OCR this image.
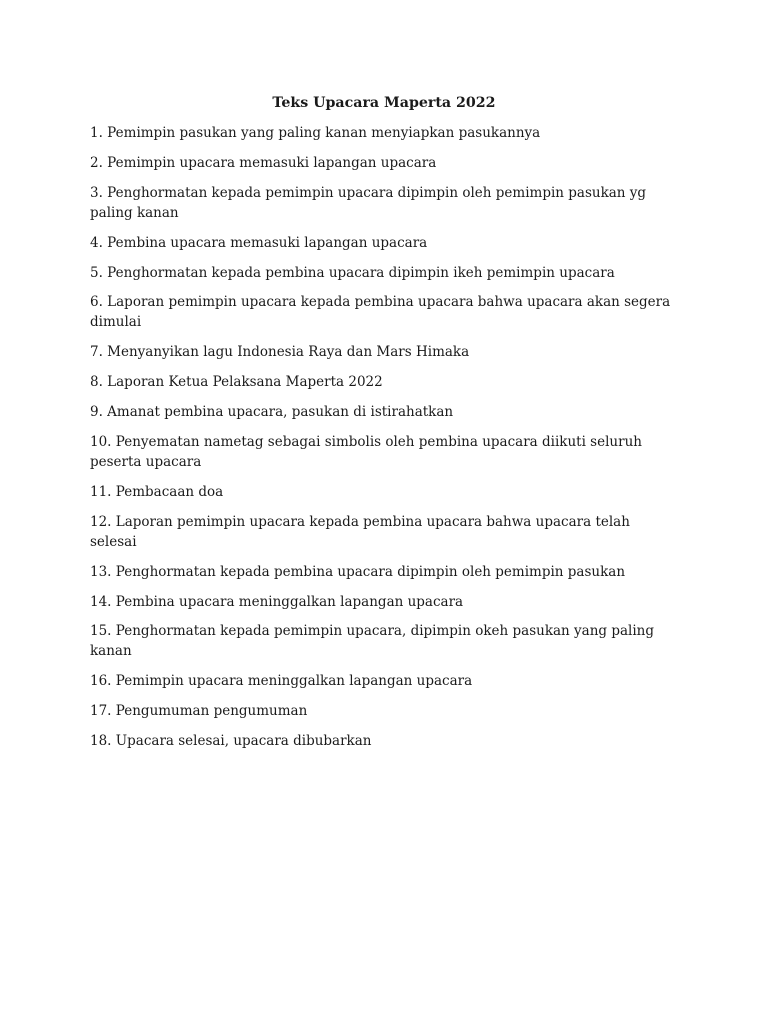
Teks Upacara Maperta 2022
1. Pemimpin pasukan yang paling kanan menyiapkan pasukannya
2. Pemimpin upacara memasuki lapangan upacara
3. Penghormatan kepada pemimpin upacara dipimpin oleh pemimpin pasukan yg paling kanan
4. Pembina upacara memasuki lapangan upacara
5. Penghormatan kepada pembina upacara dipimpin ikeh pemimpin upacara
6. Laporan pemimpin upacara kepada pembina upacara bahwa upacara akan segera dimulai
7. Menyanyikan lagu Indonesia Raya dan Mars Himaka
8. Laporan Ketua Pelaksana Maperta 2022
9. Amanat pembina upacara, pasukan di istirahatkan
10. Penyematan nametag sebagai simbolis oleh pembina upacara diikuti seluruh peserta upacara
11. Pembacaan doa
12. Laporan pemimpin upacara kepada pembina upacara bahwa upacara telah selesai
13. Penghormatan kepada pembina upacara dipimpin oleh pemimpin pasukan
14. Pembina upacara meninggalkan lapangan upacara
15. Penghormatan kepada pemimpin upacara, dipimpin okeh pasukan yang paling kanan
16. Pemimpin upacara meninggalkan lapangan upacara
17. Pengumuman pengumuman
18. Upacara selesai, upacara dibubarkan
